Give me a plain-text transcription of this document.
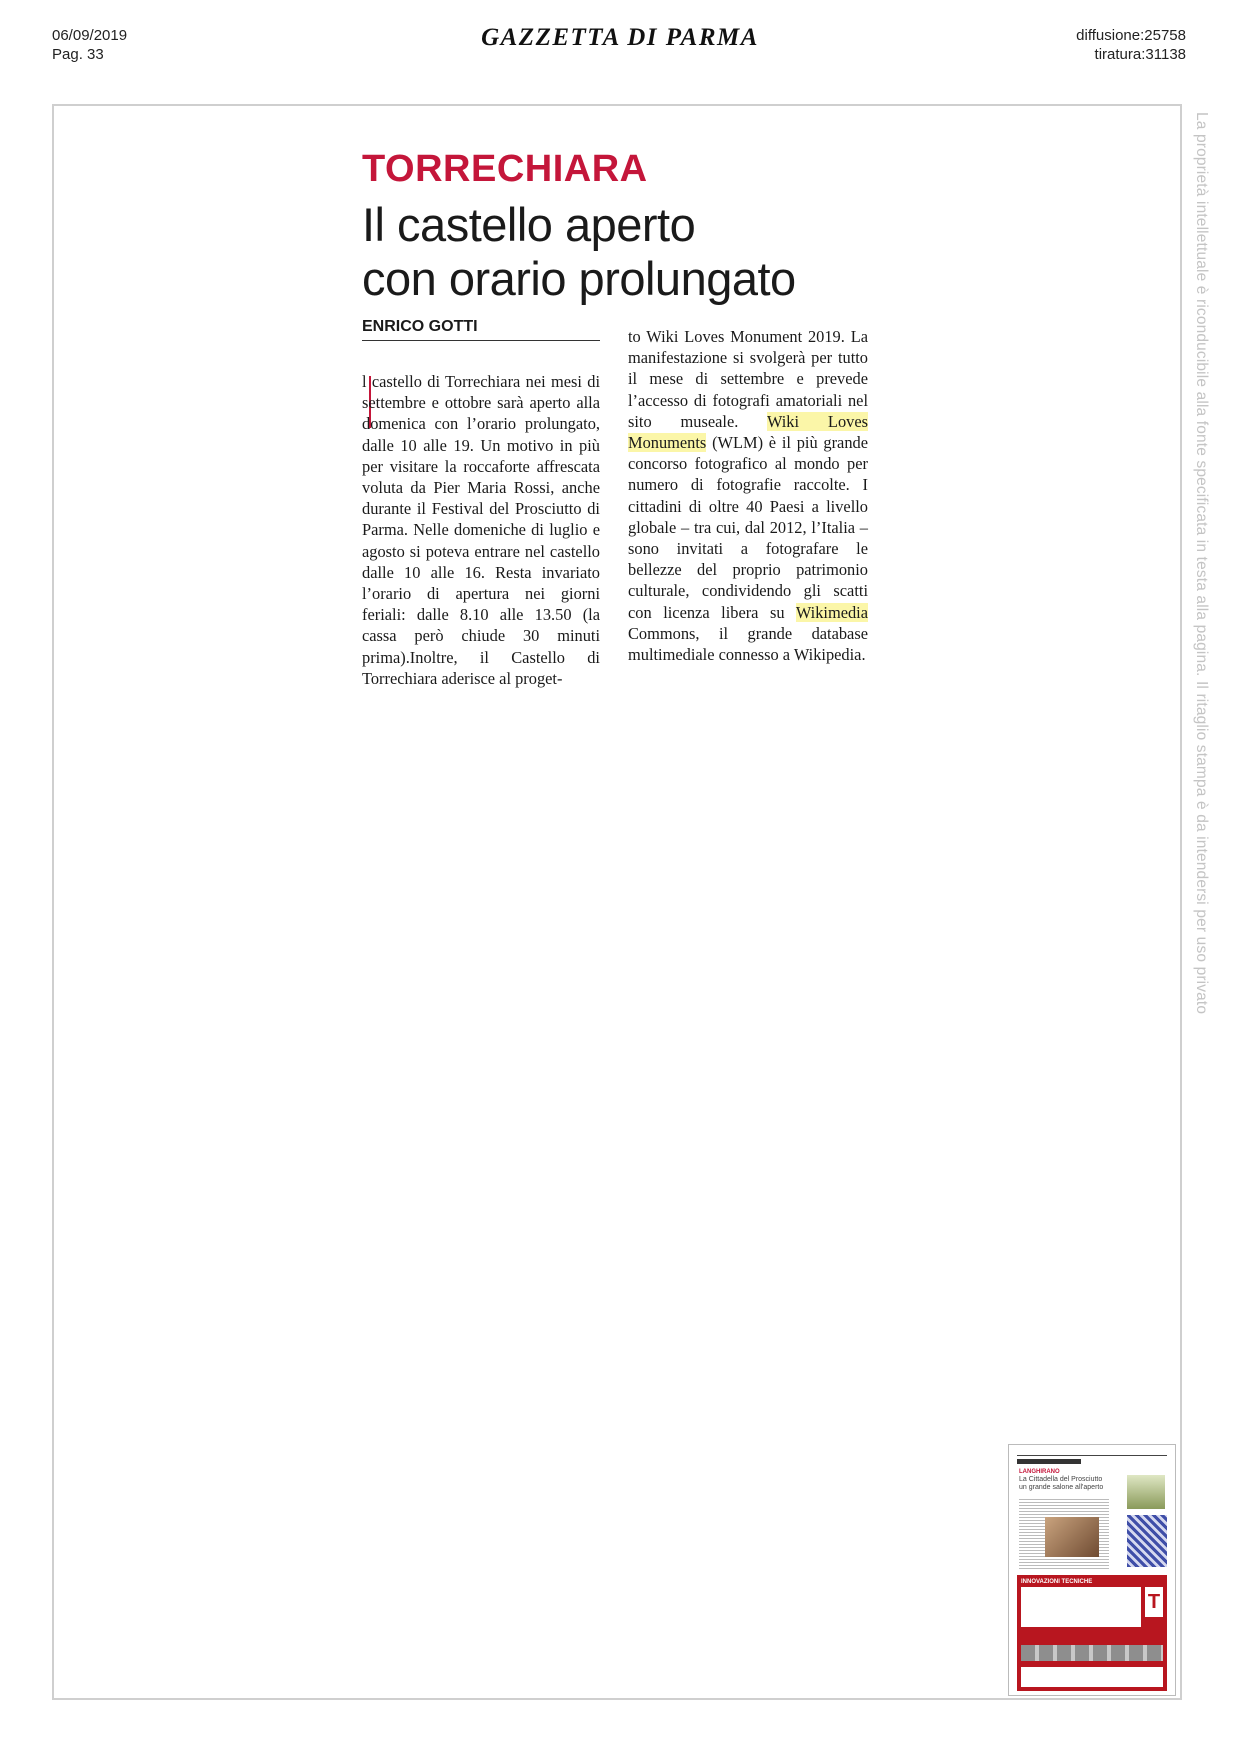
06/09/2019
Pag. 33
GAZZETTA DI PARMA	diffusione:25758
tiratura:31138
La proprietà intellettuale è riconducibile alla fonte specificata in testa alla pagina. Il ritaglio stampa è da intendersi per uso privato
TORRECHIARA
Il castello aperto
con orario prolungato
ENRICO GOTTI
l castello di Torrechiara nei mesi di settembre e ottobre sarà aperto alla domenica con l’orario prolungato, dalle 10 alle 19. Un motivo in più per visitare la roccaforte affrescata voluta da Pier Maria Rossi, anche durante il Festival del Prosciutto di Parma. Nelle domeniche di luglio e agosto si poteva entrare nel castello dalle 10 alle 16. Resta invariato l’orario di apertura nei giorni feriali: dalle 8.10 alle 13.50 (la cassa però chiude 30 minuti prima).Inoltre, il Castello di Torrechiara aderisce al proget-
to Wiki Loves Monument 2019. La manifestazione si svolgerà per tutto il mese di settembre e prevede l’accesso di fotografi amatoriali nel sito museale. Wiki Loves Monuments (WLM) è il più grande concorso fotografico al mondo per numero di fotografie raccolte. I cittadini di oltre 40 Paesi a livello globale – tra cui, dal 2012, l’Italia – sono invitati a fotografare le bellezze del proprio patrimonio culturale, condividendo gli scatti con licenza libera su Wikimedia Commons, il grande database multimediale connesso a Wikipedia.
LANGHIRANO
La Cittadella del Prosciutto
un grande salone all'aperto
INNOVAZIONI TECNICHE
T
